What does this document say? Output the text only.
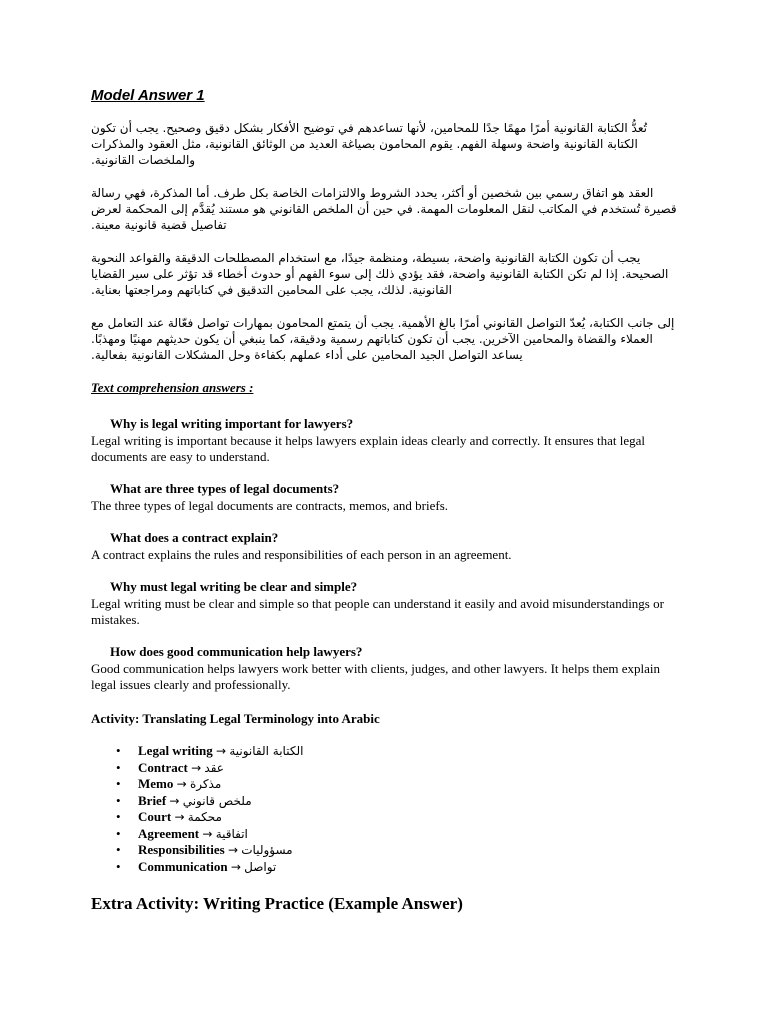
Model Answer 1

تُعدُّ الكتابة القانونية أمرًا مهمًا جدًا للمحامين، لأنها تساعدهم في توضيح الأفكار بشكل دقيق وصحيح. يجب أن تكون الكتابة القانونية واضحة وسهلة الفهم. يقوم المحامون بصياغة العديد من الوثائق القانونية، مثل العقود والمذكرات والملخصات القانونية.

العقد هو اتفاق رسمي بين شخصين أو أكثر، يحدد الشروط والالتزامات الخاصة بكل طرف. أما المذكرة، فهي رسالة قصيرة تُستخدم في المكاتب لنقل المعلومات المهمة. في حين أن الملخص القانوني هو مستند يُقدَّم إلى المحكمة لعرض تفاصيل قضية قانونية معينة.

يجب أن تكون الكتابة القانونية واضحة، بسيطة، ومنظمة جيدًا، مع استخدام المصطلحات الدقيقة والقواعد النحوية الصحيحة. إذا لم تكن الكتابة القانونية واضحة، فقد يؤدي ذلك إلى سوء الفهم أو حدوث أخطاء قد تؤثر على سير القضايا القانونية. لذلك، يجب على المحامين التدقيق في كتاباتهم ومراجعتها بعناية.

إلى جانب الكتابة، يُعدّ التواصل القانوني أمرًا بالغ الأهمية. يجب أن يتمتع المحامون بمهارات تواصل فعّالة عند التعامل مع العملاء والقضاة والمحامين الآخرين. يجب أن تكون كتاباتهم رسمية ودقيقة، كما ينبغي أن يكون حديثهم مهنيًا ومهذبًا. يساعد التواصل الجيد المحامين على أداء عملهم بكفاءة وحل المشكلات القانونية بفعالية.

Text comprehension answers :
Why is legal writing important for lawyers?
Legal writing is important because it helps lawyers explain ideas clearly and correctly. It ensures that legal documents are easy to understand.
What are three types of legal documents?
The three types of legal documents are contracts, memos, and briefs.
What does a contract explain?
A contract explains the rules and responsibilities of each person in an agreement.
Why must legal writing be clear and simple?
Legal writing must be clear and simple so that people can understand it easily and avoid misunderstandings or mistakes.
How does good communication help lawyers?
Good communication helps lawyers work better with clients, judges, and other lawyers. It helps them explain legal issues clearly and professionally.
Activity: Translating Legal Terminology into Arabic
• Legal writing → الكتابة القانونية
• Contract → عقد
• Memo → مذكرة
• Brief → ملخص قانوني
• Court → محكمة
• Agreement → اتفاقية
• Responsibilities → مسؤوليات
• Communication → تواصل
Extra Activity: Writing Practice (Example Answer)
